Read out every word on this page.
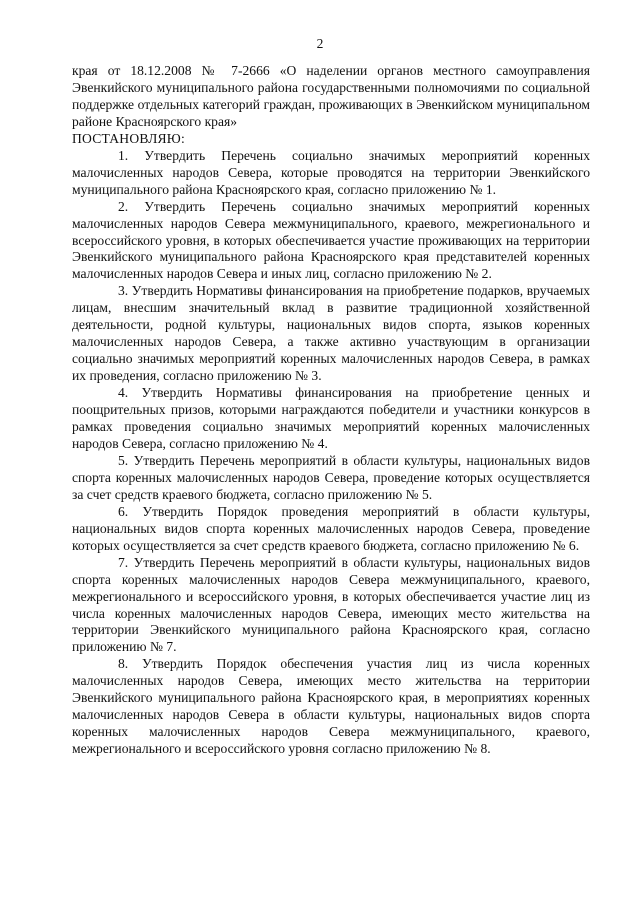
2

края от 18.12.2008 № 7-2666 «О наделении органов местного самоуправления Эвенкийского муниципального района государственными полномочиями по социальной поддержке отдельных категорий граждан, проживающих в Эвенкийском муниципальном районе Красноярского края»

ПОСТАНОВЛЯЮ:

1. Утвердить Перечень социально значимых мероприятий коренных малочисленных народов Севера, которые проводятся на территории Эвенкийского муниципального района Красноярского края, согласно приложению № 1.

2. Утвердить Перечень социально значимых мероприятий коренных малочисленных народов Севера межмуниципального, краевого, межрегионального и всероссийского уровня, в которых обеспечивается участие проживающих на территории Эвенкийского муниципального района Красноярского края представителей коренных малочисленных народов Севера и иных лиц, согласно приложению № 2.

3. Утвердить Нормативы финансирования на приобретение подарков, вручаемых лицам, внесшим значительный вклад в развитие традиционной хозяйственной деятельности, родной культуры, национальных видов спорта, языков коренных малочисленных народов Севера, а также активно участвующим в организации социально значимых мероприятий коренных малочисленных народов Севера, в рамках их проведения, согласно приложению № 3.

4. Утвердить Нормативы финансирования на приобретение ценных и поощрительных призов, которыми награждаются победители и участники конкурсов в рамках проведения социально значимых мероприятий коренных малочисленных народов Севера, согласно приложению № 4.

5. Утвердить Перечень мероприятий в области культуры, национальных видов спорта коренных малочисленных народов Севера, проведение которых осуществляется за счет средств краевого бюджета, согласно приложению № 5.

6. Утвердить Порядок проведения мероприятий в области культуры, национальных видов спорта коренных малочисленных народов Севера, проведение которых осуществляется за счет средств краевого бюджета, согласно приложению № 6.

7. Утвердить Перечень мероприятий в области культуры, национальных видов спорта коренных малочисленных народов Севера межмуниципального, краевого, межрегионального и всероссийского уровня, в которых обеспечивается участие лиц из числа коренных малочисленных народов Севера, имеющих место жительства на территории Эвенкийского муниципального района Красноярского края, согласно приложению № 7.

8. Утвердить Порядок обеспечения участия лиц из числа коренных малочисленных народов Севера, имеющих место жительства на территории Эвенкийского муниципального района Красноярского края, в мероприятиях коренных малочисленных народов Севера в области культуры, национальных видов спорта коренных малочисленных народов Севера межмуниципального, краевого, межрегионального и всероссийского уровня согласно приложению № 8.
